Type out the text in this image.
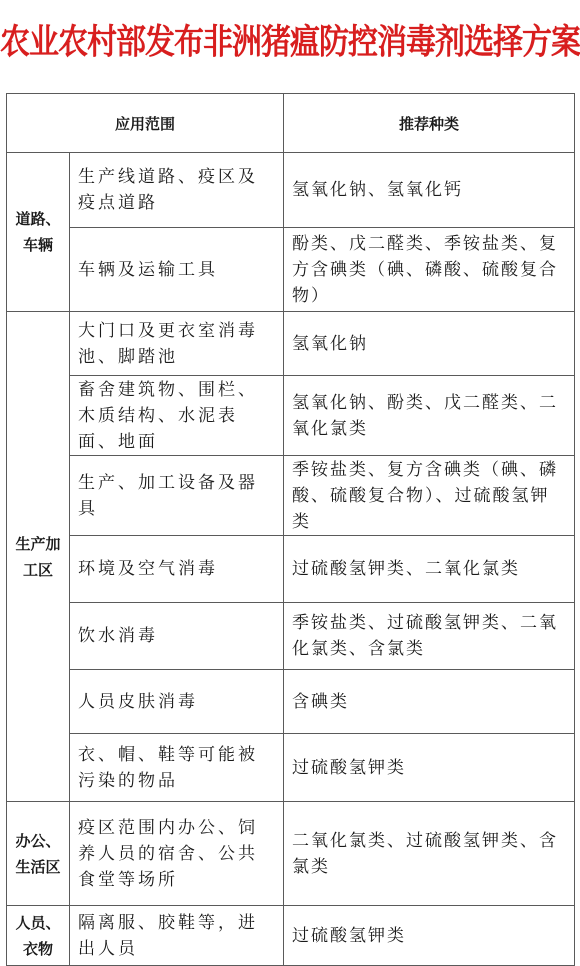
农业农村部发布非洲猪瘟防控消毒剂选择方案
应用范围		推荐种类
道路、车辆	生产线道路、疫区及疫点道路	氢氧化钠、氢氧化钙
	车辆及运输工具	酚类、戊二醛类、季铵盐类、复方含碘类（碘、磷酸、硫酸复合物）
生产加工区	大门口及更衣室消毒池、脚踏池	氢氧化钠
	畜舍建筑物、围栏、木质结构、水泥表面、地面	氢氧化钠、酚类、戊二醛类、二氧化氯类
	生产、加工设备及器具	季铵盐类、复方含碘类（碘、磷酸、硫酸复合物）、过硫酸氢钾类
	环境及空气消毒	过硫酸氢钾类、二氧化氯类
	饮水消毒	季铵盐类、过硫酸氢钾类、二氧化氯类、含氯类
	人员皮肤消毒	含碘类
	衣、帽、鞋等可能被污染的物品	过硫酸氢钾类
办公、生活区	疫区范围内办公、饲养人员的宿舍、公共食堂等场所	二氧化氯类、过硫酸氢钾类、含氯类
人员、衣物	隔离服、胶鞋等，进出人员	过硫酸氢钾类
